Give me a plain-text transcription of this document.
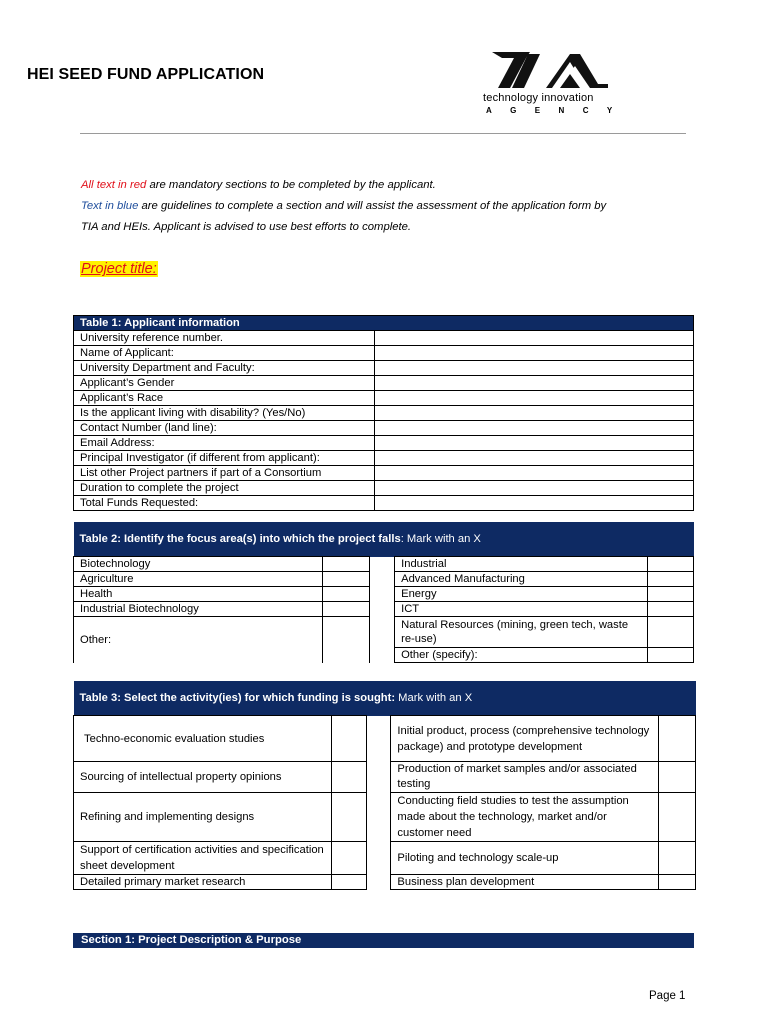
HEI SEED FUND APPLICATION
technology innovation
AGENCY
All text in red are mandatory sections to be completed by the applicant.
Text in blue are guidelines to complete a section and will assist the assessment of the application form by
TIA and HEIs. Applicant is advised to use best efforts to complete.
Project title:
Table 1: Applicant information	
University reference number.	
Name of Applicant:	
University Department and Faculty:	
Applicant’s Gender	
Applicant’s Race	
Is the applicant living with disability? (Yes/No)	
Contact Number (land line):	
Email Address:	
Principal Investigator (if different from applicant):	
List other Project partners if part of a Consortium	
Duration to complete the project	
Total Funds Requested:	
Table 2: Identify the focus area(s) into which the project falls: Mark with an X				
Biotechnology			Industrial	
Agriculture			Advanced Manufacturing	
Health			Energy	
Industrial Biotechnology			ICT	
Other:			Natural Resources (mining, green tech, waste re-use)	
			Other (specify):	
Table 3: Select the activity(ies) for which funding is sought: Mark with an X				
Techno-economic evaluation studies			Initial product, process (comprehensive technology package) and prototype development	
Sourcing of intellectual property opinions			Production of market samples and/or associated testing	
Refining and implementing designs			Conducting field studies to test the assumption made about the technology, market and/or customer need	
Support of certification activities and specification sheet development			Piloting and technology scale-up	
Detailed primary market research			Business plan development	
Section 1: Project Description & Purpose
Page 1
